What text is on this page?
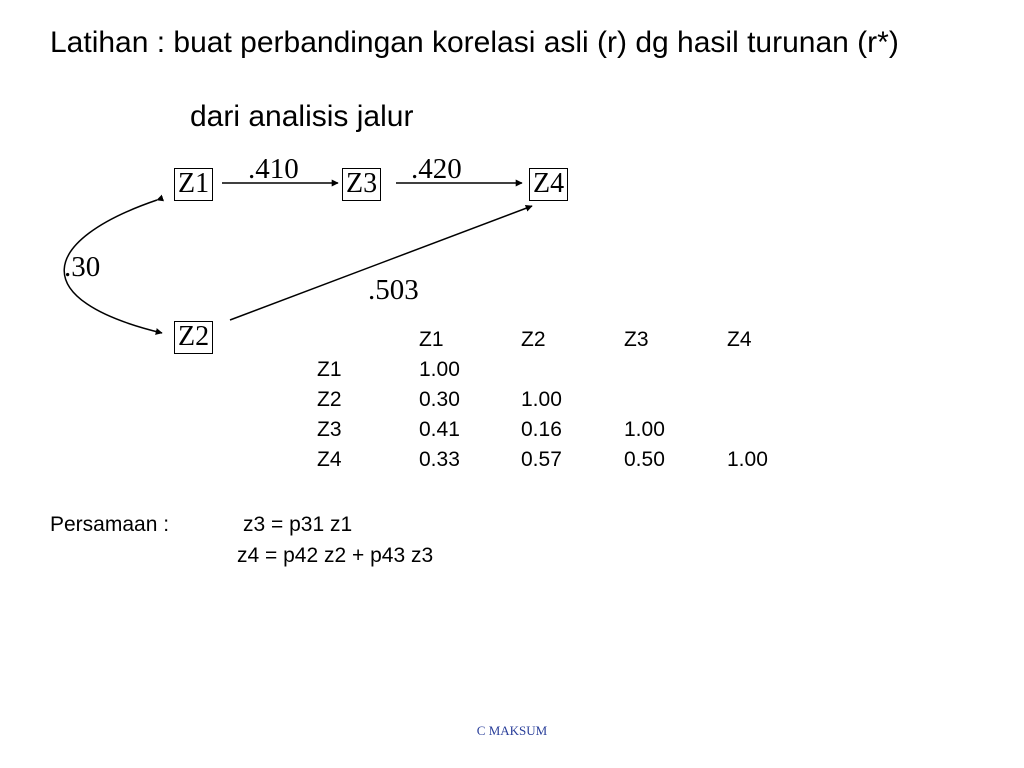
Latihan : buat perbandingan korelasi asli (r) dg hasil turunan (r*)
dari analisis jalur
Z1	Z3	Z4
Z2
.410	.420
.503
.30
	Z1	Z2	Z3	Z4
Z1	1.00			
Z2	0.30	1.00		
Z3	0.41	0.16	1.00	
Z4	0.33	0.57	0.50	1.00
Persamaan :	z3 = p31 z1
z4 = p42 z2 + p43 z3
C MAKSUM
